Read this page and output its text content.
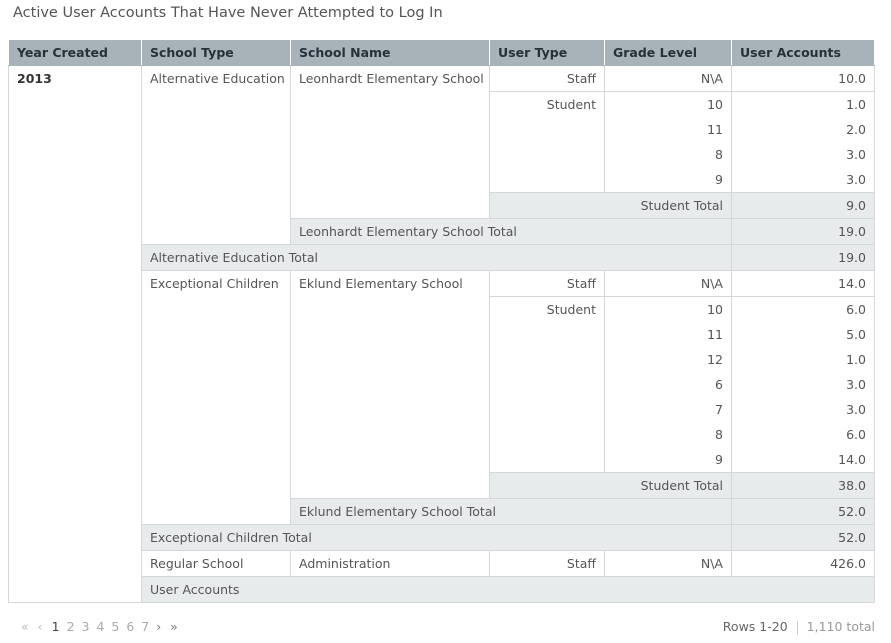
Active User Accounts That Have Never Attempted to Log In
Year Created	School Type	School Name	User Type	Grade Level	User Accounts	
2013	Alternative Education	Leonhardt Elementary School	Staff	N\A	10.0	
			Student	10	1.0	
				11	2.0	
				8	3.0	
				9	3.0	
			Student Total		9.0	
		Leonhardt Elementary School Total			19.0	
	Alternative Education Total				19.0	
	Exceptional Children	Eklund Elementary School	Staff	N\A	14.0	
			Student	10	6.0	
				11	5.0	
				12	1.0	
				6	3.0	
				7	3.0	
				8	6.0	
				9	14.0	
			Student Total		38.0	
		Eklund Elementary School Total			52.0	
	Exceptional Children Total				52.0	
	Regular School	Administration	Staff	N\A	426.0	
	User Accounts	
« ‹ 1 2 3 4 5 6 7 › »	Rows 1-20 1,110 total
